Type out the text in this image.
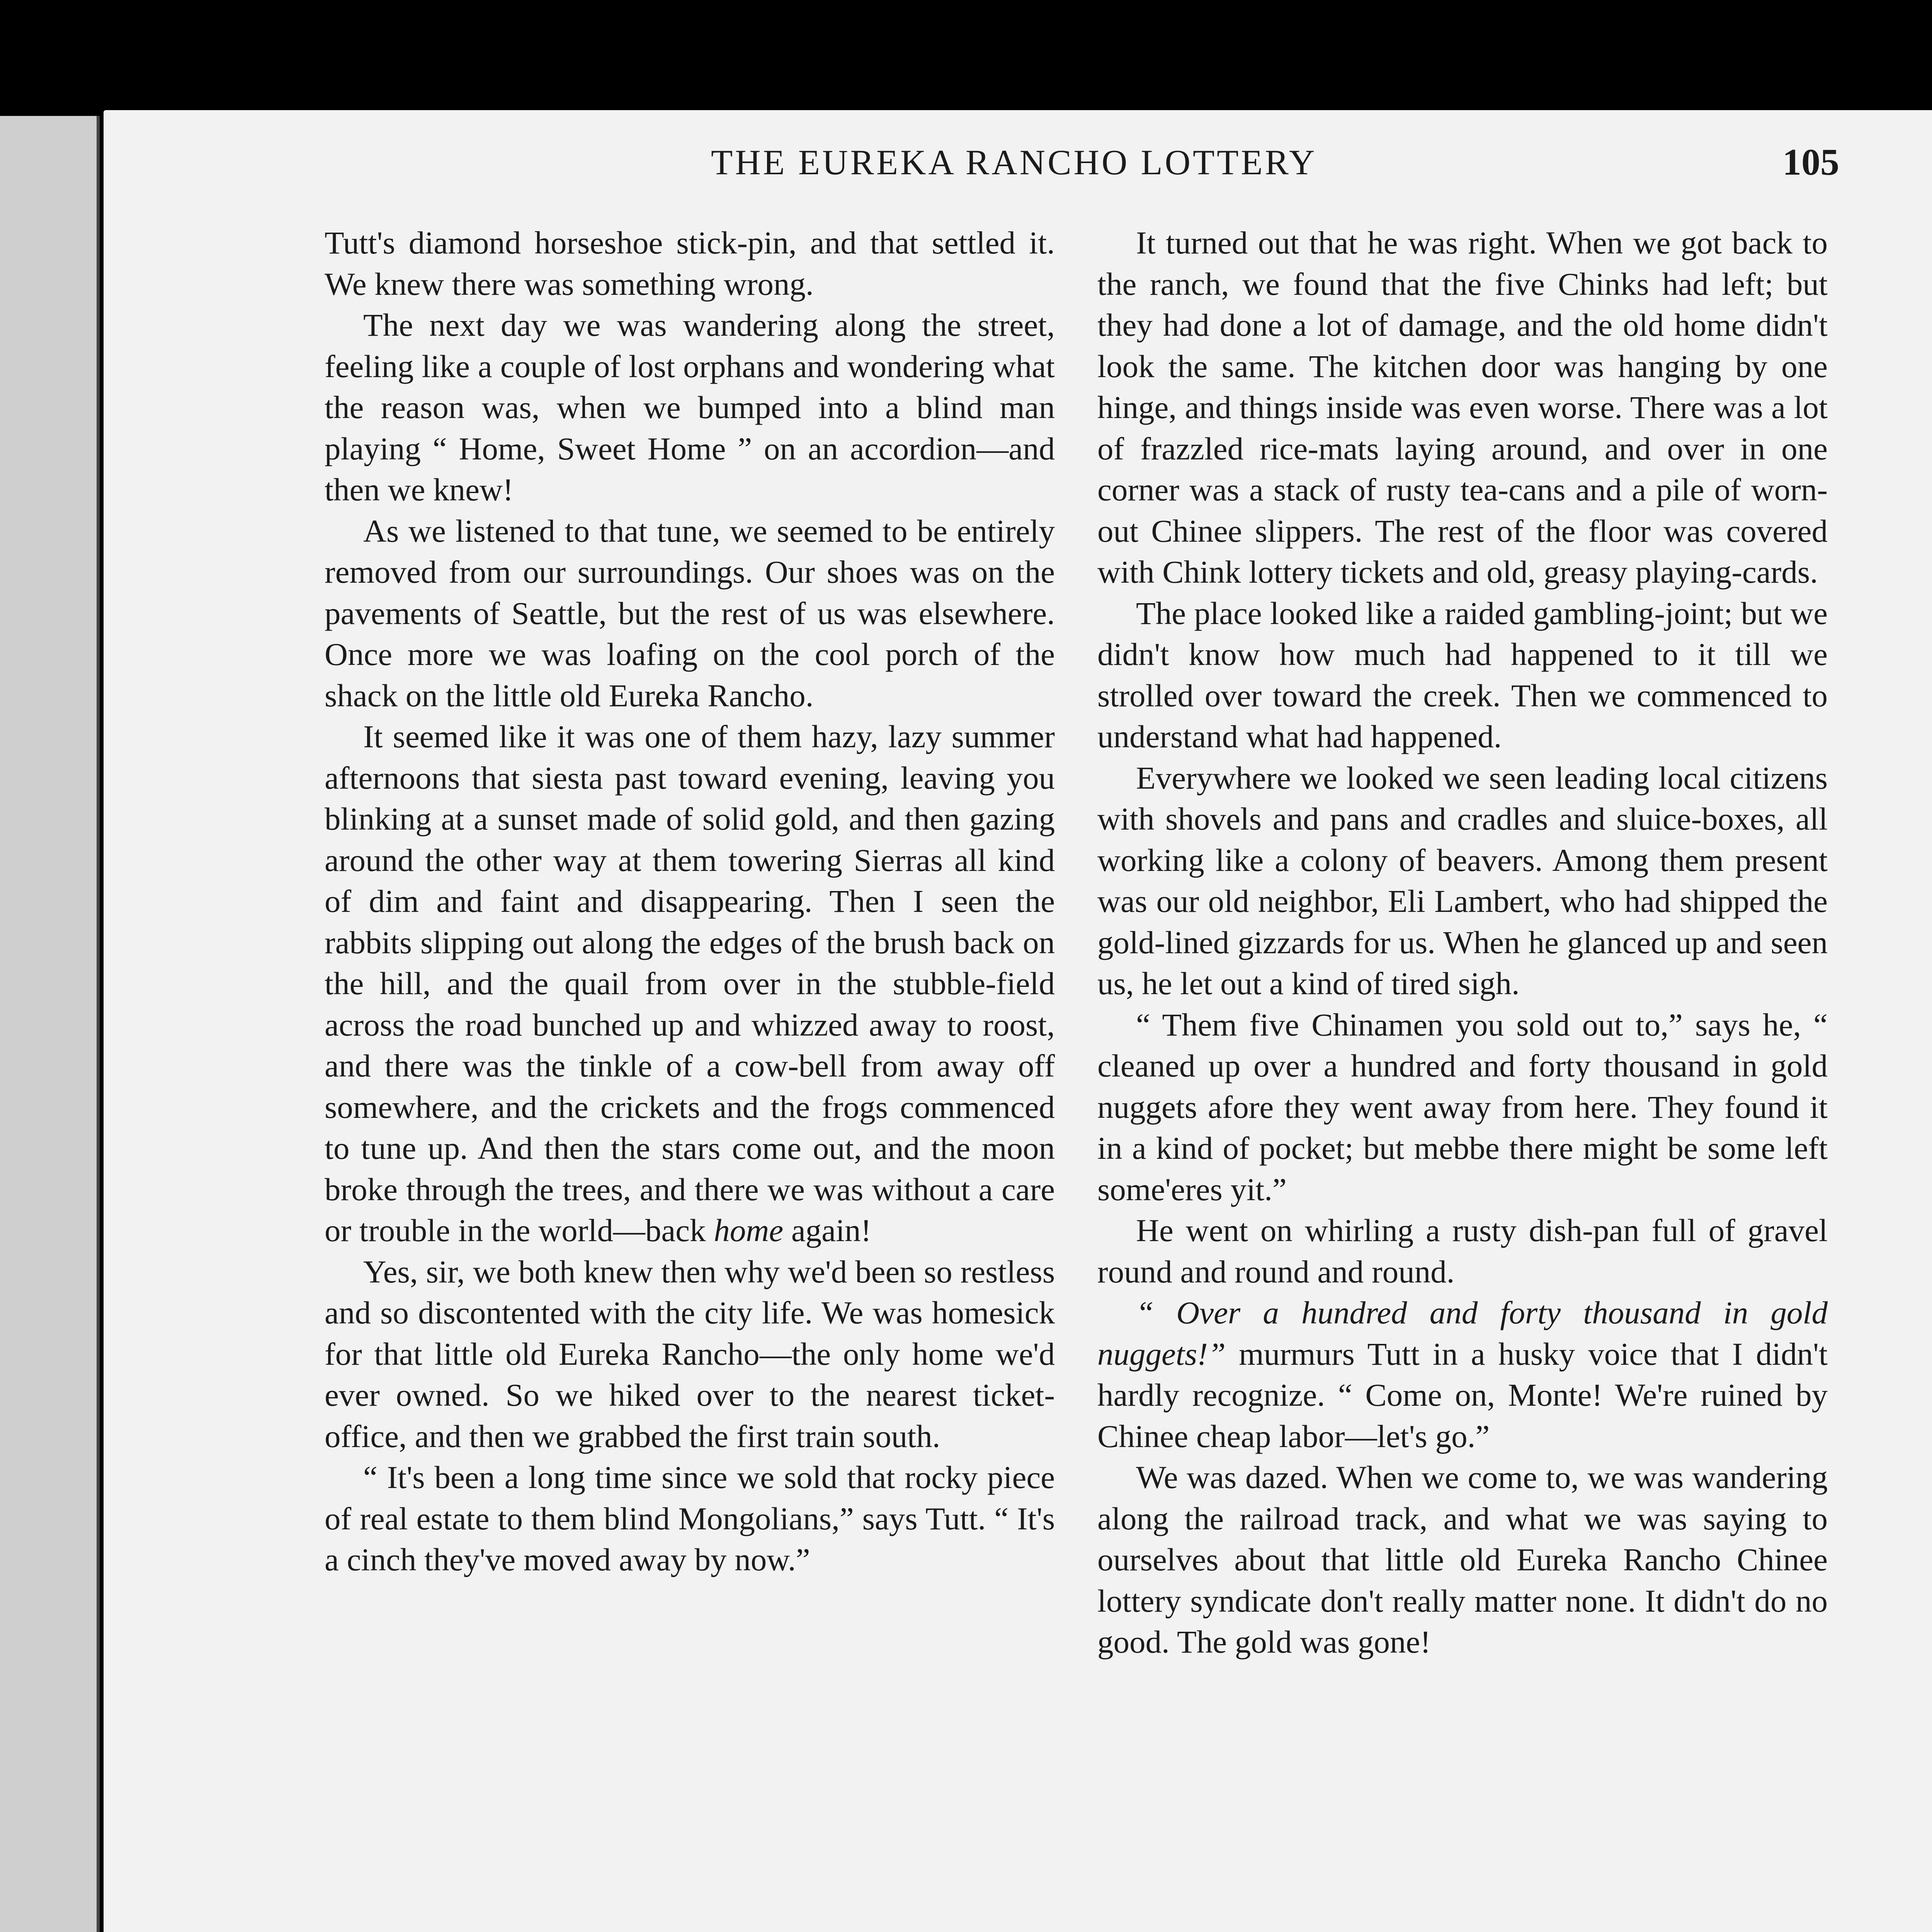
THE EUREKA RANCHO LOTTERY	105

Tutt's diamond horseshoe stick-pin, and that settled it. We knew there was something wrong.

The next day we was wandering along the street, feeling like a couple of lost orphans and wondering what the reason was, when we bumped into a blind man playing “ Home, Sweet Home ” on an accordion—and then we knew!

As we listened to that tune, we seemed to be entirely removed from our surroundings. Our shoes was on the pavements of Seattle, but the rest of us was elsewhere. Once more we was loafing on the cool porch of the shack on the little old Eureka Rancho.

It seemed like it was one of them hazy, lazy summer afternoons that siesta past toward evening, leaving you blinking at a sunset made of solid gold, and then gazing around the other way at them towering Sierras all kind of dim and faint and disappearing. Then I seen the rabbits slipping out along the edges of the brush back on the hill, and the quail from over in the stubble-field across the road bunched up and whizzed away to roost, and there was the tinkle of a cow-bell from away off somewhere, and the crickets and the frogs commenced to tune up. And then the stars come out, and the moon broke through the trees, and there we was without a care or trouble in the world—back home again!

Yes, sir, we both knew then why we'd been so restless and so discontented with the city life. We was homesick for that little old Eureka Rancho—the only home we'd ever owned. So we hiked over to the nearest ticket-office, and then we grabbed the first train south.

“ It's been a long time since we sold that rocky piece of real estate to them blind Mongolians,” says Tutt. “ It's a cinch they've moved away by now.”

It turned out that he was right. When we got back to the ranch, we found that the five Chinks had left; but they had done a lot of damage, and the old home didn't look the same. The kitchen door was hanging by one hinge, and things inside was even worse. There was a lot of frazzled rice-mats laying around, and over in one corner was a stack of rusty tea-cans and a pile of worn-out Chinee slippers. The rest of the floor was covered with Chink lottery tickets and old, greasy playing-cards.

The place looked like a raided gambling-joint; but we didn't know how much had happened to it till we strolled over toward the creek. Then we commenced to understand what had happened.

Everywhere we looked we seen leading local citizens with shovels and pans and cradles and sluice-boxes, all working like a colony of beavers. Among them present was our old neighbor, Eli Lambert, who had shipped the gold-lined gizzards for us. When he glanced up and seen us, he let out a kind of tired sigh.

“ Them five Chinamen you sold out to,” says he, “ cleaned up over a hundred and forty thousand in gold nuggets afore they went away from here. They found it in a kind of pocket; but mebbe there might be some left some'eres yit.”

He went on whirling a rusty dish-pan full of gravel round and round and round.

“ Over a hundred and forty thousand in gold nuggets!” murmurs Tutt in a husky voice that I didn't hardly recognize. “ Come on, Monte! We're ruined by Chinee cheap labor—let's go.”

We was dazed. When we come to, we was wandering along the railroad track, and what we was saying to ourselves about that little old Eureka Rancho Chinee lottery syndicate don't really matter none. It didn't do no good. The gold was gone!
